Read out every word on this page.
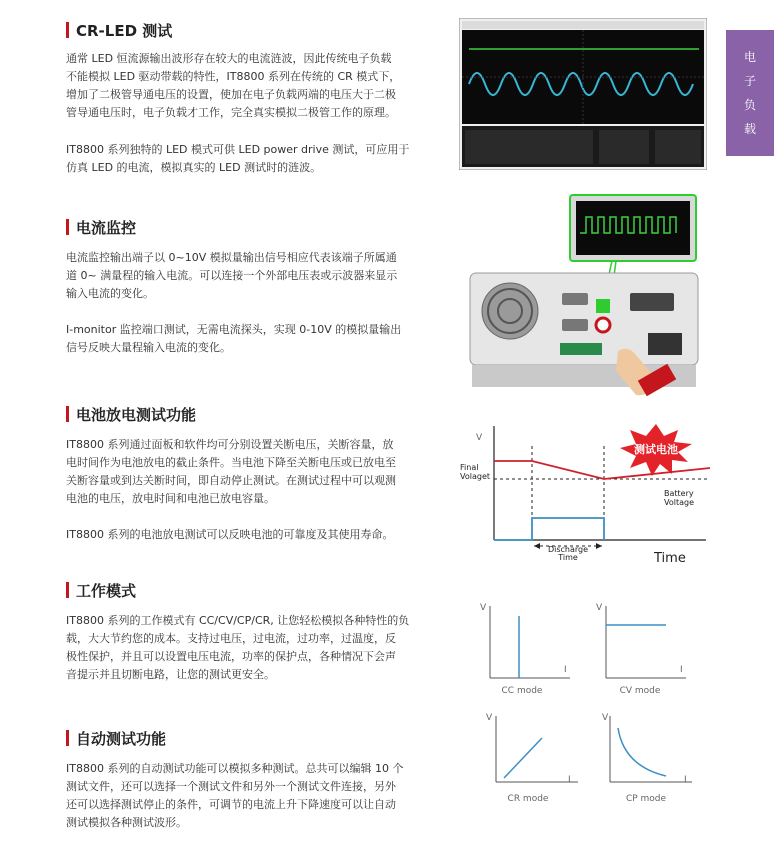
电
子
负
载
CR-LED 测试

通常 LED 恒流源输出波形存在较大的电流涟波，因此传统电子负载
不能模拟 LED 驱动带载的特性，IT8800 系列在传统的 CR 模式下，
增加了二极管导通电压的设置，使加在电子负载两端的电压大于二极
管导通电压时，电子负载才工作，完全真实模拟二极管工作的原理。

IT8800 系列独特的 LED 模式可供 LED power drive 测试，可应用于
仿真 LED 的电流，模拟真实的 LED 测试时的涟波。

电流监控

电流监控输出端子以 0~10V 模拟量输出信号相应代表该端子所属通
道 0~ 满量程的输入电流。可以连接一个外部电压表或示波器来显示
输入电流的变化。

I-monitor 监控端口测试，无需电流探头，实现 0-10V 的模拟量输出
信号反映大量程输入电流的变化。

电池放电测试功能

IT8800 系列通过面板和软件均可分别设置关断电压，关断容量，放
电时间作为电池放电的截止条件。当电池下降至关断电压或已放电至
关断容量或到达关断时间，即自动停止测试。在测试过程中可以观测
电池的电压，放电时间和电池已放电容量。

IT8800 系列的电池放电测试可以反映电池的可靠度及其使用寿命。

测试电池
V
Final
Volaget
Battery
Voltage
Discharge
Time	Time
工作模式

IT8800 系列的工作模式有 CC/CV/CP/CR, 让您轻松模拟各种特性的负
载，大大节约您的成本。支持过电压，过电流，过功率，过温度，反
极性保护，并且可以设置电压电流，功率的保护点，各种情况下会声
音提示并且切断电路，让您的测试更安全。

V
I
CC mode
V
I
CV mode
V
I
CR mode
V
I
CP mode
自动测试功能

IT8800 系列的自动测试功能可以模拟多种测试。总共可以编辑 10 个
测试文件，还可以选择一个测试文件和另外一个测试文件连接，另外
还可以选择测试停止的条件，可调节的电流上升下降速度可以让自动
测试模拟各种测试波形。
